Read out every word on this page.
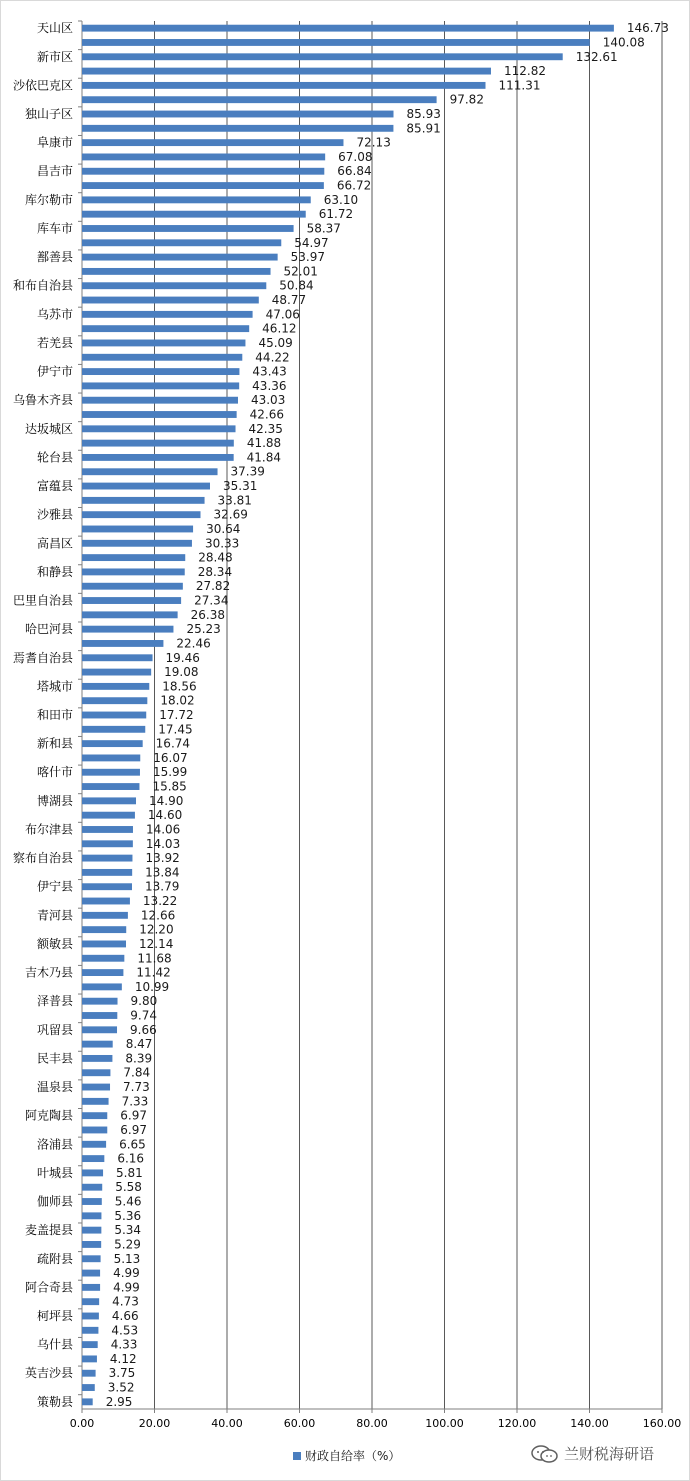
146.73
140.08
132.61
112.82
111.31
97.82
85.93
85.91
72.13
67.08
66.84
66.72
63.10
61.72
58.37
54.97
53.97
52.01
50.84
48.77
47.06
46.12
45.09
44.22
43.43
43.36
43.03
42.66
42.35
41.88
41.84
37.39
35.31
33.81
32.69
30.64
30.33
28.48
28.34
27.82
27.34
26.38
25.23
22.46
19.46
19.08
18.56
18.02
17.72
17.45
16.74
16.07
15.99
15.85
14.90
14.60
14.06
14.03
13.92
13.84
13.79
13.22
12.66
12.20
12.14
11.68
11.42
10.99
9.80
9.74
9.66
8.47
8.39
7.84
7.73
7.33
6.97
6.97
6.65
6.16
5.81
5.58
5.46
5.36
5.34
5.29
5.13
4.99
4.99
4.73
4.66
4.53
4.33
4.12
3.75
3.52
2.95
天山区
新市区
沙依巴克区
独山子区
阜康市
昌吉市
库尔勒市
库车市
鄯善县
和布自治县
乌苏市
若羌县
伊宁市
乌鲁木齐县
达坂城区
轮台县
富蕴县
沙雅县
高昌区
和静县
巴里自治县
哈巴河县
焉耆自治县
塔城市
和田市
新和县
喀什市
博湖县
布尔津县
察布自治县
伊宁县
青河县
额敏县
吉木乃县
泽普县
巩留县
民丰县
温泉县
阿克陶县
洛浦县
叶城县
伽师县
麦盖提县
疏附县
阿合奇县
柯坪县
乌什县
英吉沙县
策勒县
0.00	20.00	40.00	60.00	80.00	100.00	120.00	140.00	160.00
财政自给率（%）	兰财税海研语
